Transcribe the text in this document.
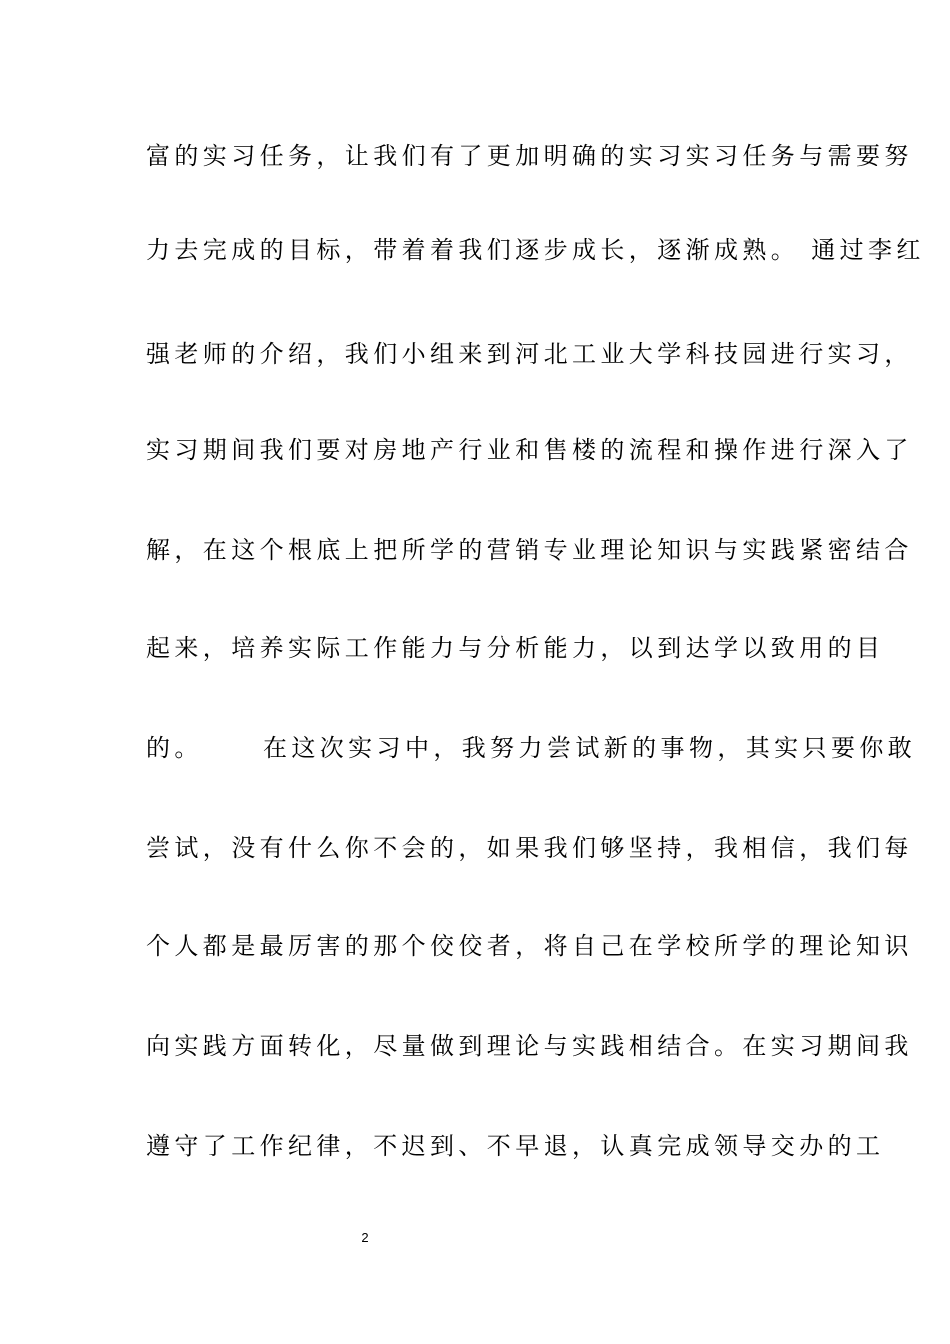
富的实习任务，让我们有了更加明确的实习实习任务与需要努
力去完成的目标，带着着我们逐步成长，逐渐成熟。 通过李红
强老师的介绍，我们小组来到河北工业大学科技园进行实习，
实习期间我们要对房地产行业和售楼的流程和操作进行深入了
解，在这个根底上把所学的营销专业理论知识与实践紧密结合
起来，培养实际工作能力与分析能力，以到达学以致用的目
的。     在这次实习中，我努力尝试新的事物，其实只要你敢
尝试，没有什么你不会的，如果我们够坚持，我相信，我们每
个人都是最厉害的那个佼佼者，将自己在学校所学的理论知识
向实践方面转化，尽量做到理论与实践相结合。在实习期间我
遵守了工作纪律，不迟到、不早退，认真完成领导交办的工
2
